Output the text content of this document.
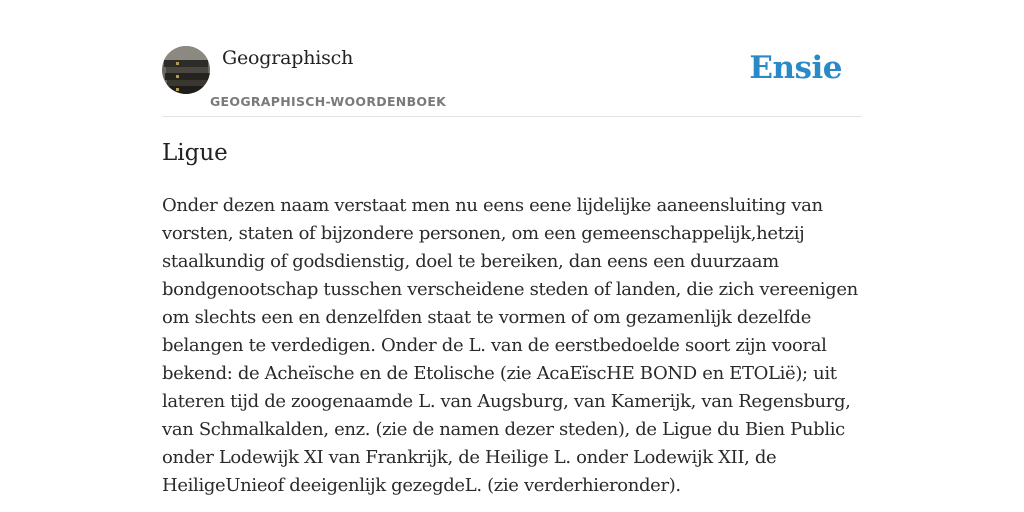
Geographisch
GEOGRAPHISCH-WOORDENBOEK
Ensie
Ligue

Onder dezen naam verstaat men nu eens eene lijdelijke aaneensluiting van vorsten, staten of bijzondere personen, om een gemeenschappelijk,hetzij staalkundig of godsdienstig, doel te bereiken, dan eens een duurzaam bondgenootschap tusschen verscheidene steden of landen, die zich vereenigen om slechts een en denzelfden staat te vormen of om gezamenlijk dezelfde belangen te verdedigen. Onder de L. van de eerstbedoelde soort zijn vooral bekend: de Acheïsche en de Etolische (zie AcaEïscHE BOND en ETOLië); uit lateren tijd de zoogenaamde L. van Augsburg, van Kamerijk, van Regensburg, van Schmalkalden, enz. (zie de namen dezer steden), de Ligue du Bien Public onder Lodewijk XI van Frankrijk, de Heilige L. onder Lodewijk XII, de HeiligeUnieof deeigenlijk gezegdeL. (zie verderhieronder).
